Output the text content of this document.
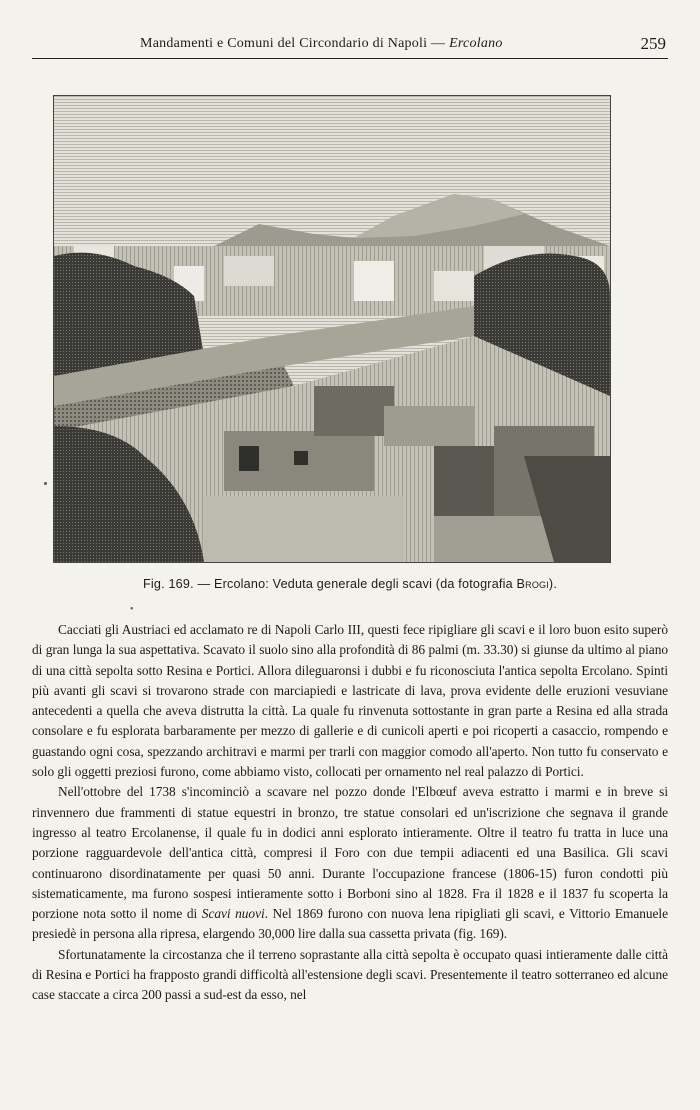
Mandamenti e Comuni del Circondario di Napoli — Ercolano	259
Fig. 169. — Ercolano: Veduta generale degli scavi (da fotografia Brogi).
•

Cacciati gli Austriaci ed acclamato re di Napoli Carlo III, questi fece ripigliare gli scavi e il loro buon esito superò di gran lunga la sua aspettativa. Scavato il suolo sino alla profondità di 86 palmi (m. 33.30) si giunse da ultimo al piano di una città sepolta sotto Resina e Portici. Allora dileguaronsi i dubbi e fu riconosciuta l'antica sepolta Ercolano. Spinti più avanti gli scavi si trovarono strade con marciapiedi e lastricate di lava, prova evidente delle eruzioni vesuviane antecedenti a quella che aveva distrutta la città. La quale fu rinvenuta sottostante in gran parte a Resina ed alla strada consolare e fu esplorata barbaramente per mezzo di gallerie e di cunicoli aperti e poi ricoperti a casaccio, rompendo e guastando ogni cosa, spezzando architravi e marmi per trarli con maggior comodo all'aperto. Non tutto fu conservato e solo gli oggetti preziosi furono, come abbiamo visto, collocati per ornamento nel real palazzo di Portici.

Nell'ottobre del 1738 s'incominciò a scavare nel pozzo donde l'Elbœuf aveva estratto i marmi e in breve si rinvennero due frammenti di statue equestri in bronzo, tre statue consolari ed un'iscrizione che segnava il grande ingresso al teatro Ercolanense, il quale fu in dodici anni esplorato intieramente. Oltre il teatro fu tratta in luce una porzione ragguardevole dell'antica città, compresi il Foro con due tempii adiacenti ed una Basilica. Gli scavi continuarono disordinatamente per quasi 50 anni. Durante l'occupazione francese (1806-15) furon condotti più sistematicamente, ma furono sospesi intieramente sotto i Borboni sino al 1828. Fra il 1828 e il 1837 fu scoperta la porzione nota sotto il nome di Scavi nuovi. Nel 1869 furono con nuova lena ripigliati gli scavi, e Vittorio Emanuele presiedè in persona alla ripresa, elargendo 30,000 lire dalla sua cassetta privata (fig. 169).

Sfortunatamente la circostanza che il terreno soprastante alla città sepolta è occupato quasi intieramente dalle città di Resina e Portici ha frapposto grandi difficoltà all'estensione degli scavi. Presentemente il teatro sotterraneo ed alcune case staccate a circa 200 passi a sud-est da esso, nel
